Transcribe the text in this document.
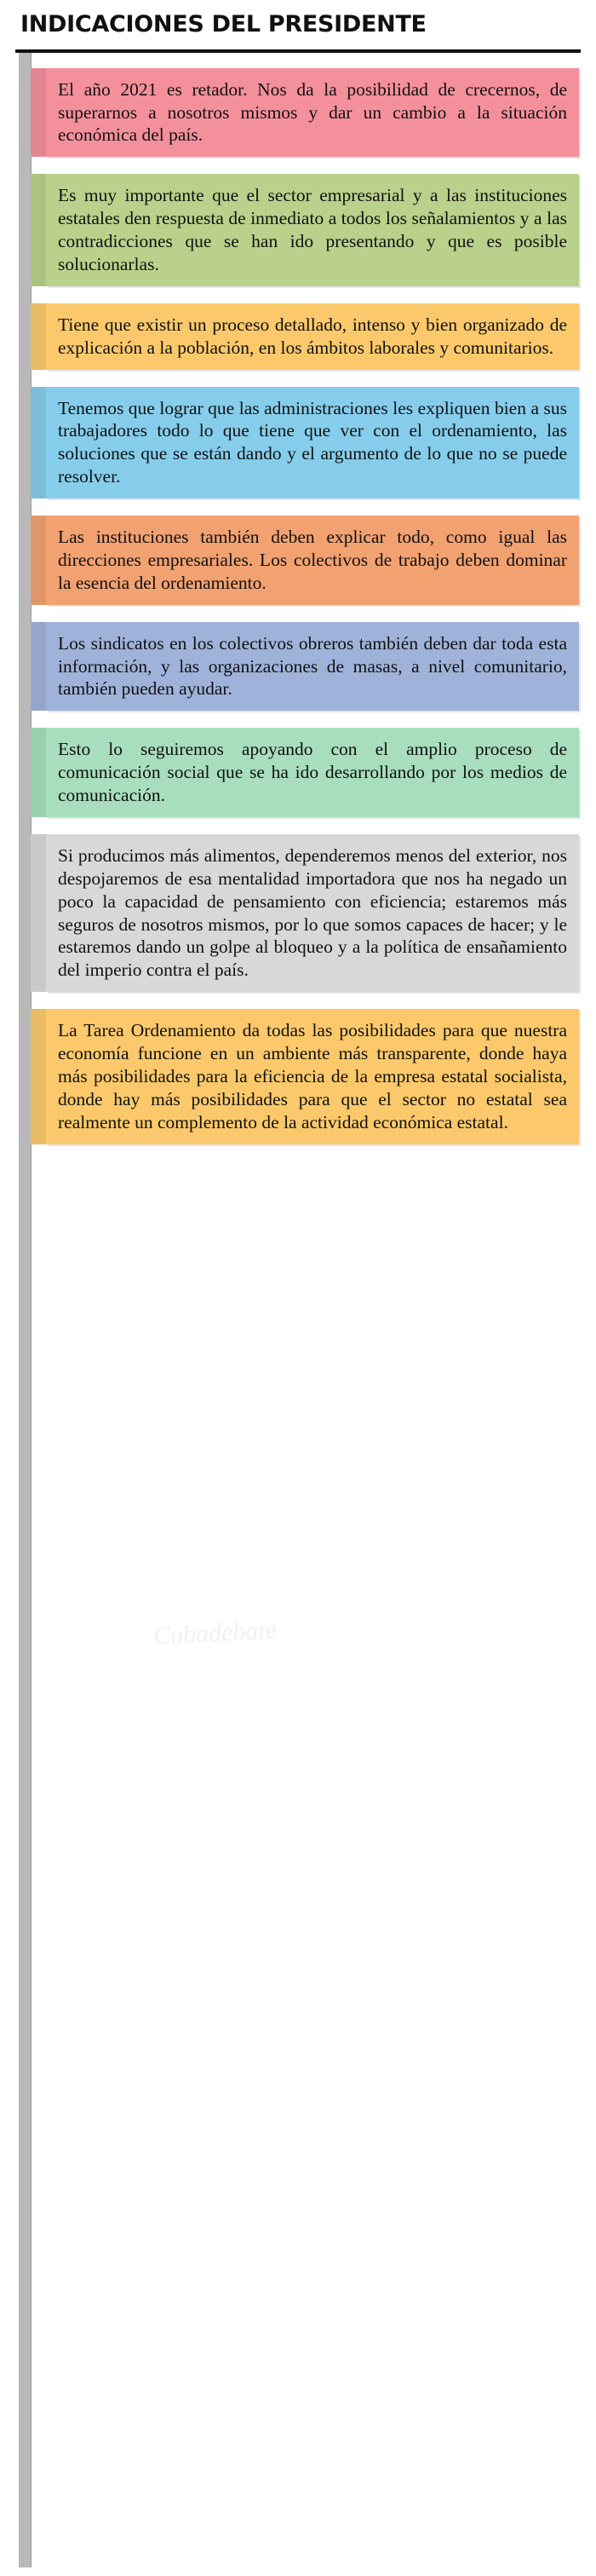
INDICACIONES DEL PRESIDENTE

El año 2021 es retador. Nos da la posibilidad de crecernos, de superarnos a nosotros mismos y dar un cambio a la situación económica del país.

Es muy importante que el sector empresarial y a las instituciones estatales den respuesta de inmediato a todos los señalamientos y a las contradicciones que se han ido presentando y que es posible solucionarlas.

Tiene que existir un proceso detallado, intenso y bien organizado de explicación a la población, en los ámbitos laborales y comunitarios.

Tenemos que lograr que las administraciones les expliquen bien a sus trabajadores todo lo que tiene que ver con el ordenamiento, las soluciones que se están dando y el argumento de lo que no se puede resolver.

Las instituciones también deben explicar todo, como igual las direcciones empresariales. Los colectivos de trabajo deben dominar la esencia del ordenamiento.

Los sindicatos en los colectivos obreros también deben dar toda esta información, y las organizaciones de masas, a nivel comunitario, también pueden ayudar.

Esto lo seguiremos apoyando con el amplio proceso de comunicación social que se ha ido desarrollando por los medios de comunicación.

Si producimos más alimentos, dependeremos menos del exterior, nos despojaremos de esa mentalidad importadora que nos ha negado un poco la capacidad de pensamiento con eficiencia; estaremos más seguros de nosotros mismos, por lo que somos capaces de hacer; y le estaremos dando un golpe al bloqueo y a la política de ensañamiento del imperio contra el país.

La Tarea Ordenamiento da todas las posibilidades para que nuestra economía funcione en un ambiente más transparente, donde haya más posibilidades para la eficiencia de la empresa estatal socialista, donde hay más posibilidades para que el sector no estatal sea realmente un complemento de la actividad económica estatal.

Cubadebate
